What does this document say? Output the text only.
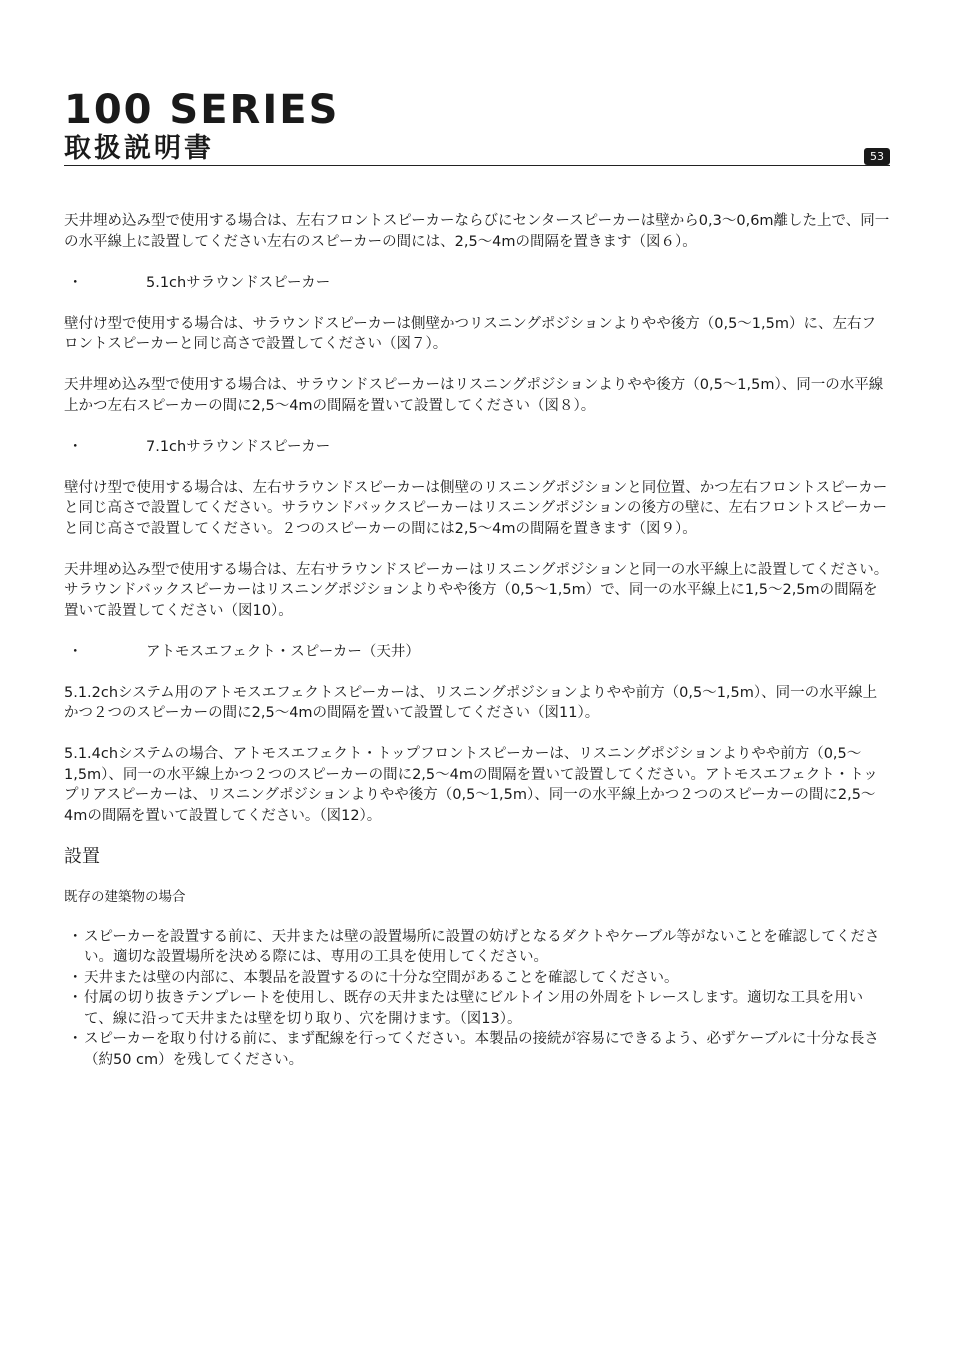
100 SERIES
取扱説明書	53

天井埋め込み型で使用する場合は、左右フロントスピーカーならびにセンタースピーカーは壁から0,3〜0,6m離した上で、同一の水平線上に設置してください左右のスピーカーの間には、2,5〜4mの間隔を置きます（図６）。

・	5.1chサラウンドスピーカー

壁付け型で使用する場合は、サラウンドスピーカーは側壁かつリスニングポジションよりやや後方（0,5〜1,5m）に、左右フロントスピーカーと同じ高さで設置してください（図７）。

天井埋め込み型で使用する場合は、サラウンドスピーカーはリスニングポジションよりやや後方（0,5〜1,5m）、同一の水平線上かつ左右スピーカーの間に2,5〜4mの間隔を置いて設置してください（図８）。

・	7.1chサラウンドスピーカー

壁付け型で使用する場合は、左右サラウンドスピーカーは側壁のリスニングポジションと同位置、かつ左右フロントスピーカーと同じ高さで設置してください。サラウンドバックスピーカーはリスニングポジションの後方の壁に、左右フロントスピーカーと同じ高さで設置してください。２つのスピーカーの間には2,5〜4mの間隔を置きます（図９）。

天井埋め込み型で使用する場合は、左右サラウンドスピーカーはリスニングポジションと同一の水平線上に設置してください。サラウンドバックスピーカーはリスニングポジションよりやや後方（0,5〜1,5m）で、同一の水平線上に1,5〜2,5mの間隔を置いて設置してください（図10）。

・	アトモスエフェクト・スピーカー（天井）

5.1.2chシステム用のアトモスエフェクトスピーカーは、リスニングポジションよりやや前方（0,5〜1,5m）、同一の水平線上かつ２つのスピーカーの間に2,5〜4mの間隔を置いて設置してください（図11）。

5.1.4chシステムの場合、アトモスエフェクト・トップフロントスピーカーは、リスニングポジションよりやや前方（0,5〜1,5m）、同一の水平線上かつ２つのスピーカーの間に2,5〜4mの間隔を置いて設置してください。アトモスエフェクト・トップリアスピーカーは、リスニングポジションよりやや後方（0,5〜1,5m）、同一の水平線上かつ２つのスピーカーの間に2,5〜4mの間隔を置いて設置してください。（図12）。

設置
既存の建築物の場合
・ スピーカーを設置する前に、天井または壁の設置場所に設置の妨げとなるダクトやケーブル等がないことを確認してください。適切な設置場所を決める際には、専用の工具を使用してください。
・ 天井または壁の内部に、本製品を設置するのに十分な空間があることを確認してください。
・ 付属の切り抜きテンプレートを使用し、既存の天井または壁にビルトイン用の外周をトレースします。適切な工具を用いて、線に沿って天井または壁を切り取り、穴を開けます。（図13）。
・ スピーカーを取り付ける前に、まず配線を行ってください。本製品の接続が容易にできるよう、必ずケーブルに十分な長さ（約50 cm）を残してください。
